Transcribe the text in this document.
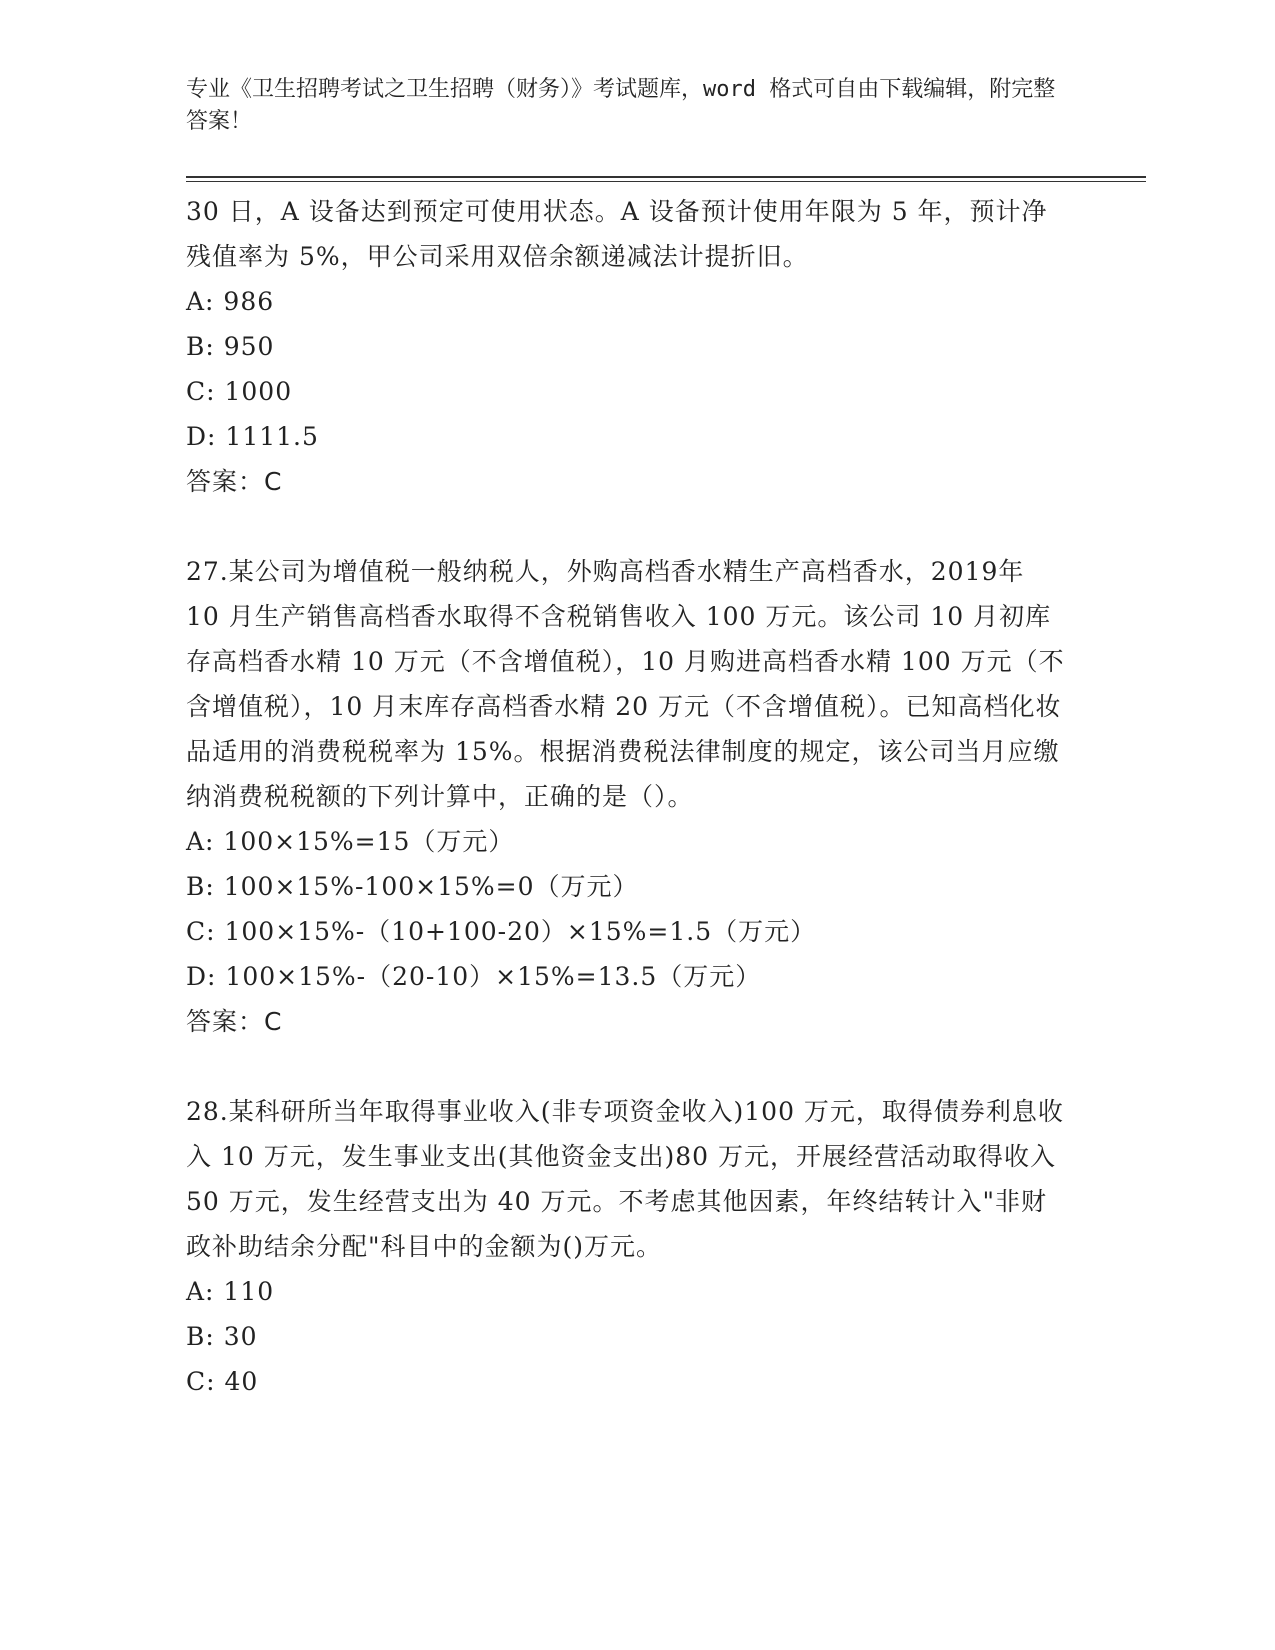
专业《卫生招聘考试之卫生招聘（财务）》考试题库，word 格式可自由下载编辑，附完整答案！

30 日，A 设备达到预定可使用状态。A 设备预计使用年限为 5 年，预计净残值率为 5%，甲公司采用双倍余额递减法计提折旧。

A: 986

B: 950

C: 1000

D: 1111.5

答案：C

27.某公司为增值税一般纳税人，外购高档香水精生产高档香水，2019年 10 月生产销售高档香水取得不含税销售收入 100 万元。该公司 10 月初库存高档香水精 10 万元（不含增值税），10 月购进高档香水精 100 万元（不含增值税），10 月末库存高档香水精 20 万元（不含增值税）。已知高档化妆品适用的消费税税率为 15%。根据消费税法律制度的规定，该公司当月应缴纳消费税税额的下列计算中，正确的是（）。

A: 100×15%=15（万元）

B: 100×15%-100×15%=0（万元）

C: 100×15%-（10+100-20）×15%=1.5（万元）

D: 100×15%-（20-10）×15%=13.5（万元）

答案：C

28.某科研所当年取得事业收入(非专项资金收入)100 万元，取得债券利息收入 10 万元，发生事业支出(其他资金支出)80 万元，开展经营活动取得收入 50 万元，发生经营支出为 40 万元。不考虑其他因素，年终结转计入"非财政补助结余分配"科目中的金额为()万元。

A: 110

B: 30

C: 40
